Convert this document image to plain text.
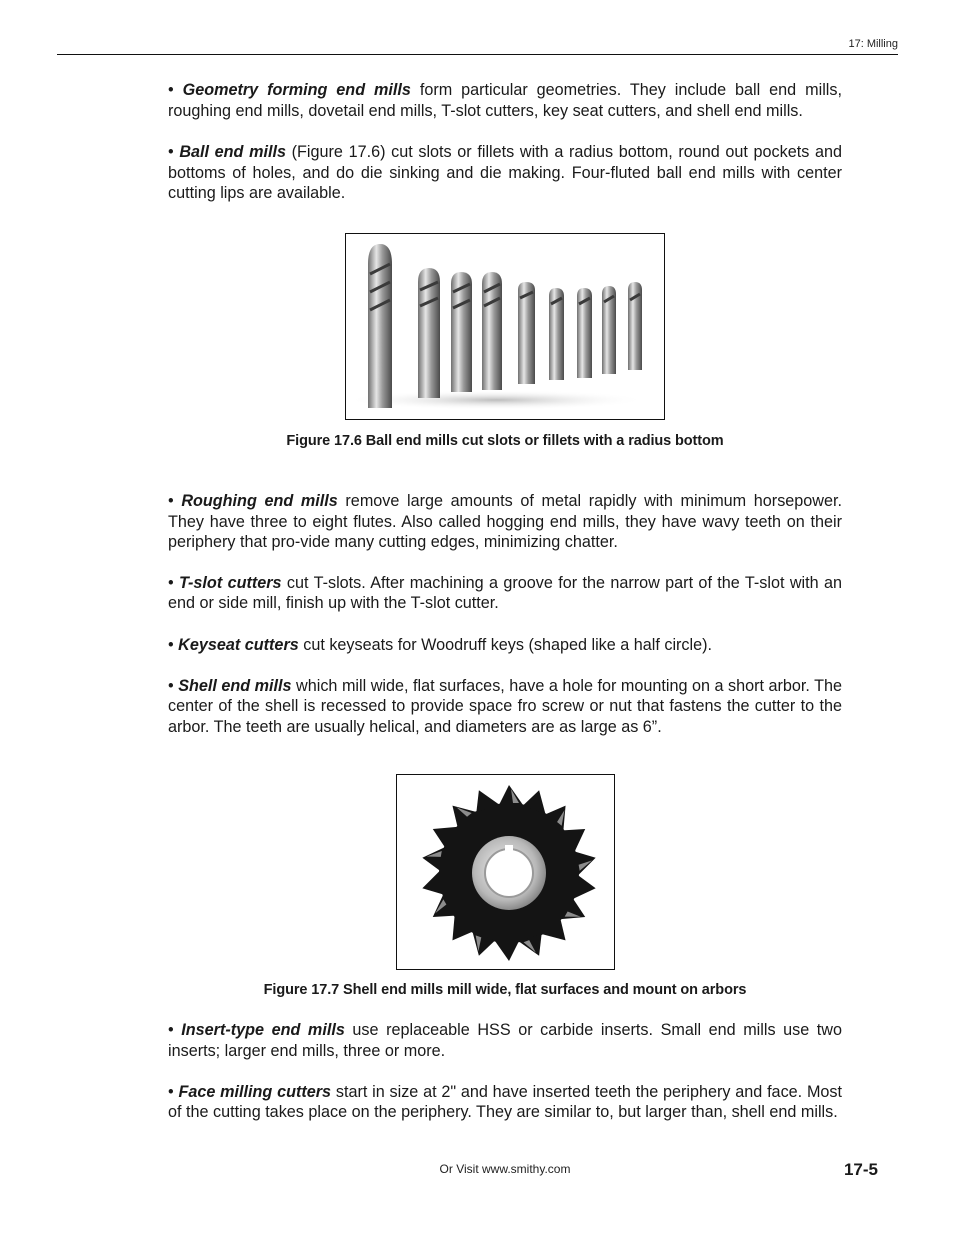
17: Milling

• Geometry forming end mills form particular geometries. They include ball end mills, roughing end mills, dovetail end mills, T-slot cutters, key seat cutters, and shell end mills.

• Ball end mills (Figure 17.6) cut slots or fillets with a radius bottom, round out pockets and bottoms of holes, and do die sinking and die making. Four-fluted ball end mills with center cutting lips are available.

Figure 17.6 Ball end mills cut slots or fillets with a radius bottom

• Roughing end mills remove large amounts of metal rapidly with minimum horsepower. They have three to eight flutes. Also called hogging end mills, they have wavy teeth on their periphery that pro-vide many cutting edges, minimizing chatter.

• T-slot cutters cut T-slots. After machining a groove for the narrow part of the T-slot with an end or side mill, finish up with the T-slot cutter.

• Keyseat cutters cut keyseats for Woodruff keys (shaped like a half circle).

• Shell end mills which mill wide, flat surfaces, have a hole for mounting on a short arbor. The center of the shell is recessed to provide space fro screw or nut that fastens the cutter to the arbor. The teeth are usually helical, and diameters are as large as 6”.

Figure 17.7 Shell end mills mill wide, flat surfaces and mount on arbors

• Insert-type end mills use replaceable HSS or carbide inserts. Small end mills use two inserts; larger end mills, three or more.

• Face milling cutters start in size at 2" and have inserted teeth the periphery and face. Most of the cutting takes place on the periphery. They are similar to, but larger than, shell end mills.

Or Visit www.smithy.com	17-5
